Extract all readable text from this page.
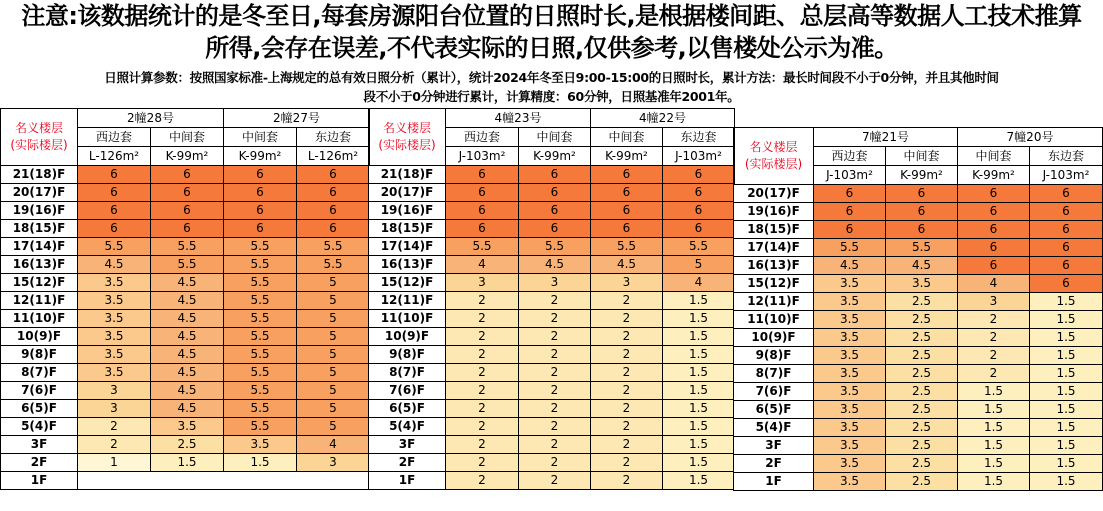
注意:该数据统计的是冬至日,每套房源阳台位置的日照时长,是根据楼间距、总层高等数据人工技术推算
所得,会存在误差,不代表实际的日照,仅供参考,以售楼处公示为准。
日照计算参数：按照国家标准-上海规定的总有效日照分析（累计），统计2024年冬至日9:00-15:00的日照时长，累计方法：最长时间段不小于0分钟，并且其他时间
段不小于0分钟进行累计，计算精度：60分钟，日照基准年2001年。
名义楼层
(实际楼层)	2幢28号		2幢27号	
	西边套	中间套	中间套	东边套
	L-126m²	K-99m²	K-99m²	L-126m²
21(18)F	6	6	6	6
20(17)F	6	6	6	6
19(16)F	6	6	6	6
18(15)F	6	6	6	6
17(14)F	5.5	5.5	5.5	5.5
16(13)F	4.5	5.5	5.5	5.5
15(12)F	3.5	4.5	5.5	5
12(11)F	3.5	4.5	5.5	5
11(10)F	3.5	4.5	5.5	5
10(9)F	3.5	4.5	5.5	5
9(8)F	3.5	4.5	5.5	5
8(7)F	3.5	4.5	5.5	5
7(6)F	3	4.5	5.5	5
6(5)F	3	4.5	5.5	5
5(4)F	2	3.5	5.5	5
3F	2	2.5	3.5	4
2F	1	1.5	1.5	3
1F				
名义楼层
(实际楼层)	4幢23号		4幢22号	
	西边套	中间套	中间套	东边套
	J-103m²	K-99m²	K-99m²	J-103m²
21(18)F	6	6	6	6
20(17)F	6	6	6	6
19(16)F	6	6	6	6
18(15)F	6	6	6	6
17(14)F	5.5	5.5	5.5	5.5
16(13)F	4	4.5	4.5	5
15(12)F	3	3	3	4
12(11)F	2	2	2	1.5
11(10)F	2	2	2	1.5
10(9)F	2	2	2	1.5
9(8)F	2	2	2	1.5
8(7)F	2	2	2	1.5
7(6)F	2	2	2	1.5
6(5)F	2	2	2	1.5
5(4)F	2	2	2	1.5
3F	2	2	2	1.5
2F	2	2	2	1.5
1F	2	2	2	1.5
名义楼层
(实际楼层)	7幢21号		7幢20号	
	西边套	中间套	中间套	东边套
	J-103m²	K-99m²	K-99m²	J-103m²
20(17)F	6	6	6	6
19(16)F	6	6	6	6
18(15)F	6	6	6	6
17(14)F	5.5	5.5	6	6
16(13)F	4.5	4.5	6	6
15(12)F	3.5	3.5	4	6
12(11)F	3.5	2.5	3	1.5
11(10)F	3.5	2.5	2	1.5
10(9)F	3.5	2.5	2	1.5
9(8)F	3.5	2.5	2	1.5
8(7)F	3.5	2.5	2	1.5
7(6)F	3.5	2.5	1.5	1.5
6(5)F	3.5	2.5	1.5	1.5
5(4)F	3.5	2.5	1.5	1.5
3F	3.5	2.5	1.5	1.5
2F	3.5	2.5	1.5	1.5
1F	3.5	2.5	1.5	1.5
